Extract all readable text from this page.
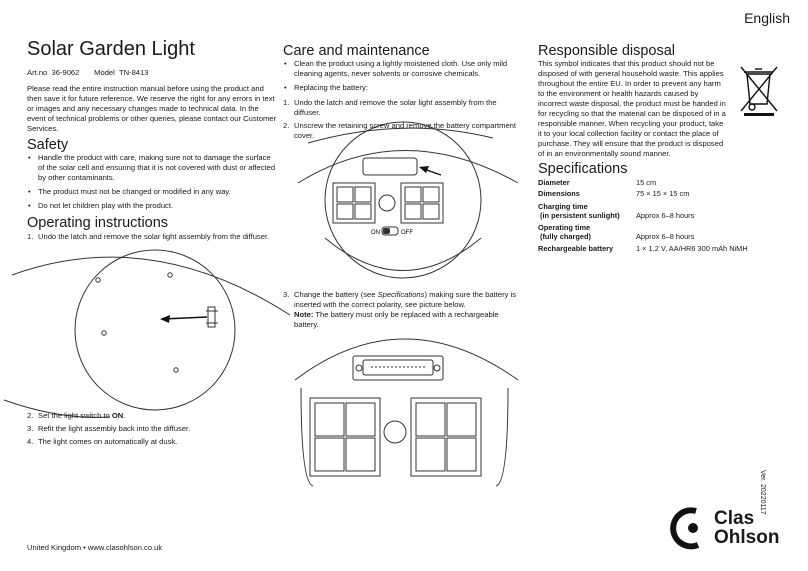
English
Solar Garden Light
Art.no 36-9062 Model TN-8413
Please read the entire instruction manual before using the product and then save it for future reference. We reserve the right for any errors in text or images and any necessary changes made to technical data. In the event of technical problems or other queries, please contact our Customer Services.
Safety
• Handle the product with care, making sure not to damage the surface of the solar cell and ensuring that it is not covered with dust or affected by other contaminants.
• The product must not be changed or modified in any way.
• Do not let children play with the product.
Operating instructions
1. Undo the latch and remove the solar light assembly from the diffuser.
2. Set the light switch to ON.
3. Refit the light assembly back into the diffuser.
4. The light comes on automatically at dusk.
United Kingdom • www.clasohlson.co.uk
Care and maintenance
• Clean the product using a lightly moistened cloth. Use only mild cleaning agents, never solvents or corrosive chemicals.
• Replacing the battery:
1. Undo the latch and remove the solar light assembly from the diffuser.
2. Unscrew the retaining screw and remove the battery compartment cover.
ON	OFF
3. Change the battery (see Specifications) making sure the battery is inserted with the correct polarity, see picture below.
Note: The battery must only be replaced with a rechargeable battery.
Responsible disposal
This symbol indicates that this product should not be disposed of with general household waste. This applies throughout the entire EU. In order to prevent any harm to the environment or health hazards caused by incorrect waste disposal, the product must be handed in for recycling so that the material can be disposed of in a responsible manner. When recycling your product, take it to your local collection facility or contact the place of purchase. They will ensure that the product is disposed of in an environmentally sound manner.
Specifications
Diameter	15 cm
Dimensions	75 × 15 × 15 cm
Charging time
(in persistent sunlight)	Approx 6–8 hours
Operating time
(fully charged)	Approx 6–8 hours
Rechargeable battery	1 × 1.2 V, AA/HR6 300 mAh NiMH
Ver. 20220117
Clas
Ohlson
